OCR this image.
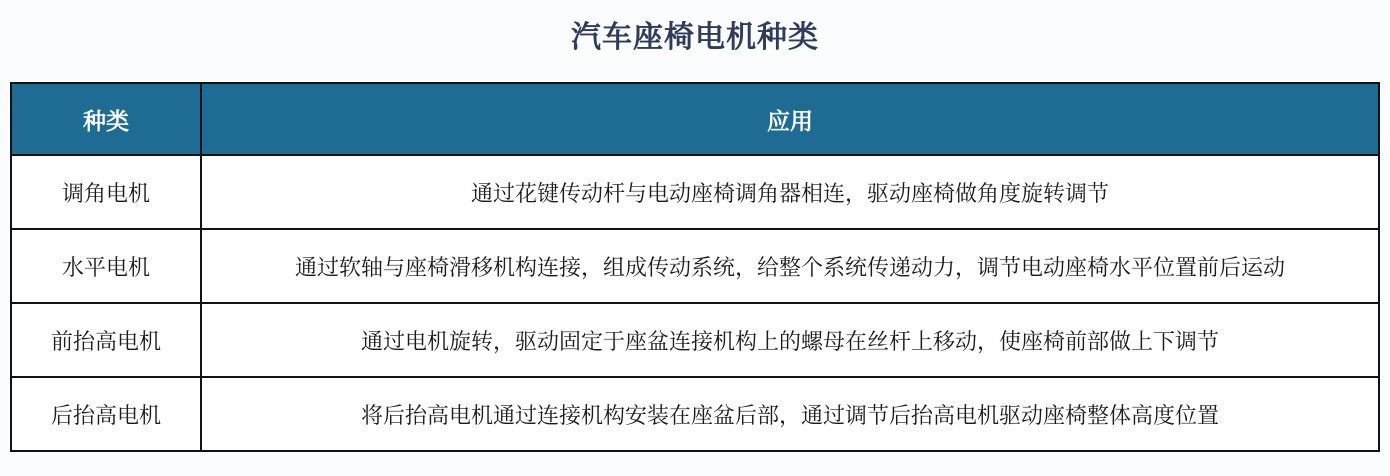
汽车座椅电机种类
种类	应用
调角电机	通过花键传动杆与电动座椅调角器相连，驱动座椅做角度旋转调节
水平电机	通过软轴与座椅滑移机构连接，组成传动系统，给整个系统传递动力，调节电动座椅水平位置前后运动
前抬高电机	通过电机旋转，驱动固定于座盆连接机构上的螺母在丝杆上移动，使座椅前部做上下调节
后抬高电机	将后抬高电机通过连接机构安装在座盆后部，通过调节后抬高电机驱动座椅整体高度位置
